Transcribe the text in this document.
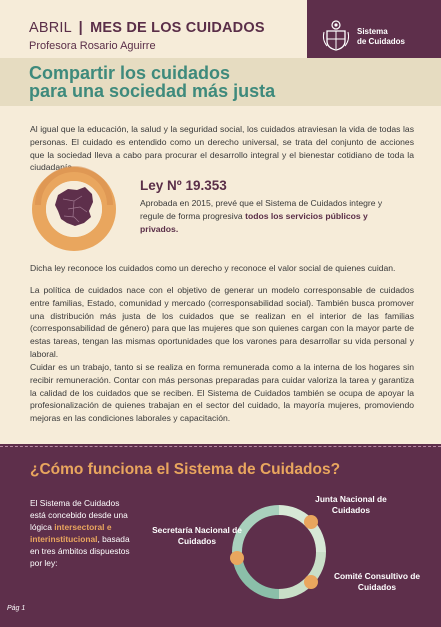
ABRIL | MES DE LOS CUIDADOS
Profesora Rosario Aguirre
Sistema
de Cuidados
Compartir los cuidados
para una sociedad más justa

Al igual que la educación, la salud y la seguridad social, los cuidados atraviesan la vida de todas las personas. El cuidado es entendido como un derecho universal, se trata del conjunto de acciones que la sociedad lleva a cabo para procurar el desarrollo integral y el bienestar cotidiano de toda la ciudadanía.

Ley Nº 19.353

Aprobada en 2015, prevé que el Sistema de Cuidados integre y regule de forma progresiva todos los servicios públicos y privados.

Dicha ley reconoce los cuidados como un derecho y reconoce el valor social de quienes cuidan.

La política de cuidados nace con el objetivo de generar un modelo corresponsable de cuidados entre familias, Estado, comunidad y mercado (corresponsabilidad social). También busca promover una distribución más justa de los cuidados que se realizan en el interior de las familias (corresponsabilidad de género) para que las mujeres que son quienes cargan con la mayor parte de estas tareas, tengan las mismas oportunidades que los varones para desarrollar su vida personal y laboral.

Cuidar es un trabajo, tanto si se realiza en forma remunerada como a la interna de los hogares sin recibir remuneración. Contar con más personas preparadas para cuidar valoriza la tarea y garantiza la calidad de los cuidados que se reciben. El Sistema de Cuidados también se ocupa de apoyar la profesionalización de quienes trabajan en el sector del cuidado, la mayoría mujeres, promoviendo mejoras en las condiciones laborales y capacitación.

¿Cómo funciona el Sistema de Cuidados?
El Sistema de Cuidados está concebido desde una lógica intersectoral e interinstitucional, basada en tres ámbitos dispuestos por ley:
Junta Nacional de Cuidados
Secretaría Nacional de Cuidados
Comité Consultivo de Cuidados
Pág 1
